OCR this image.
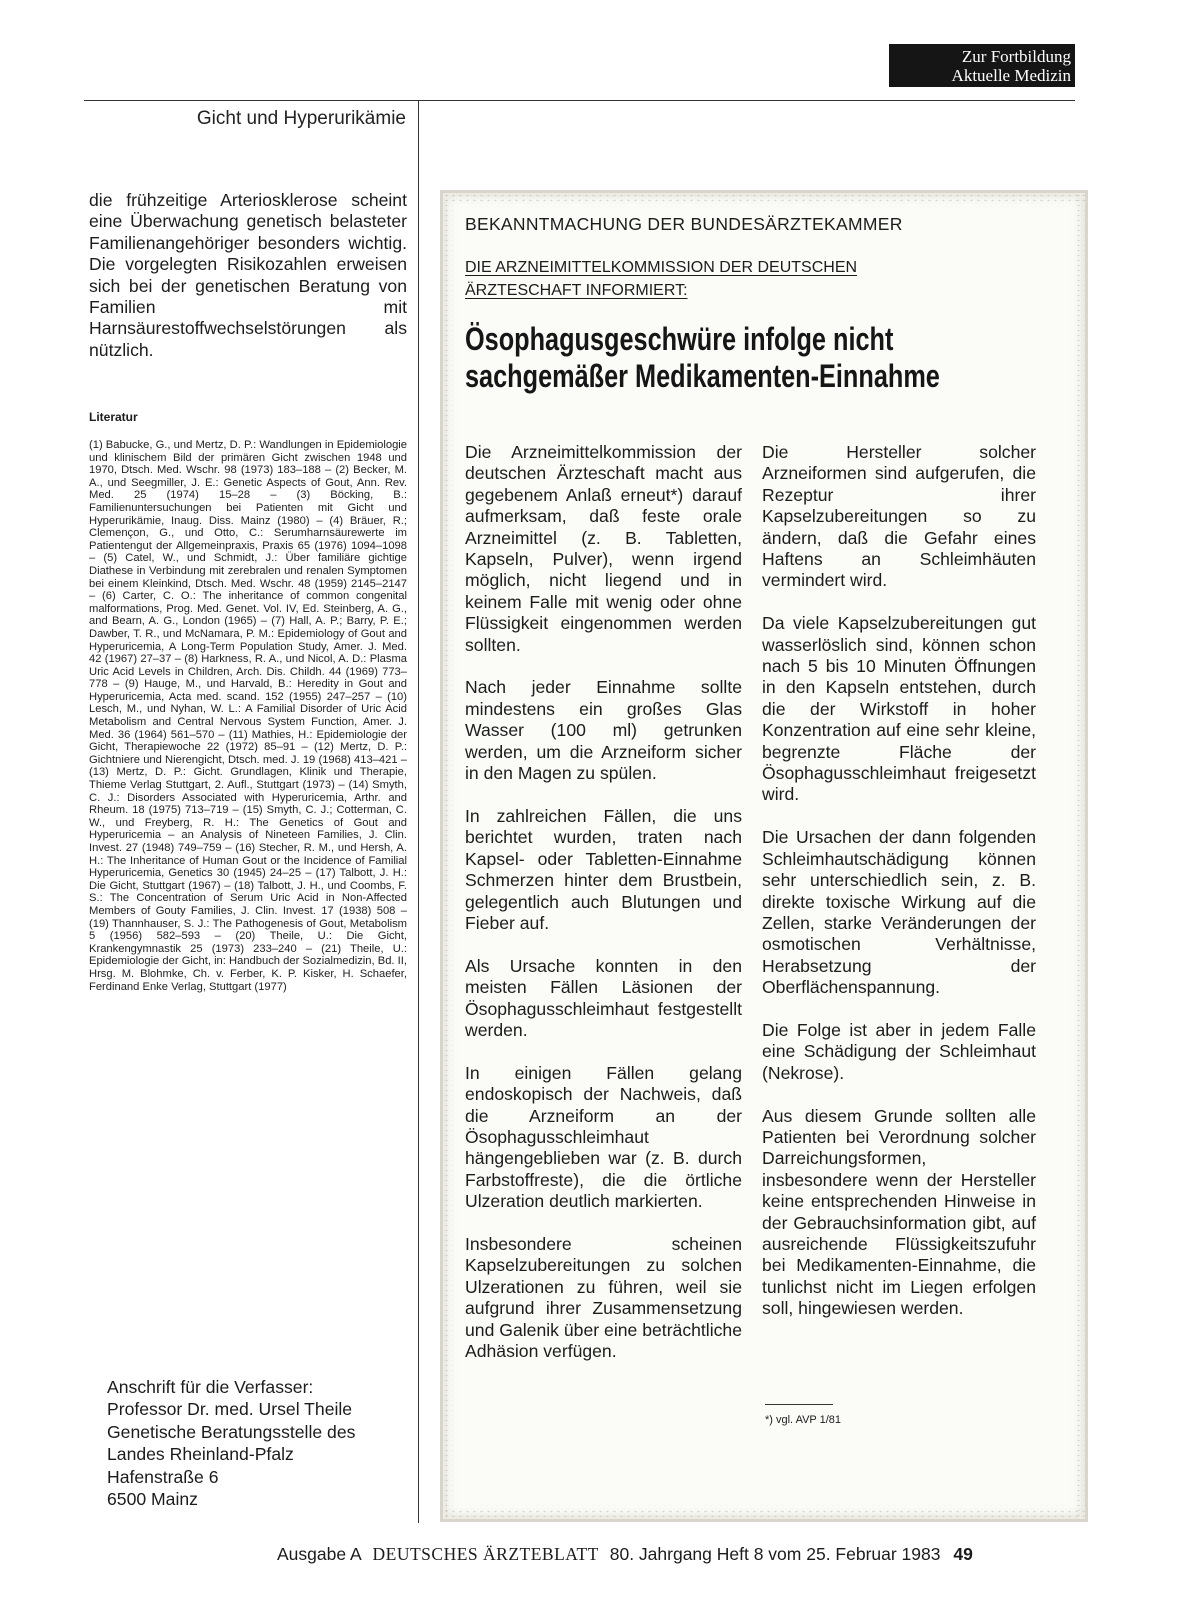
Zur Fortbildung
Aktuelle Medizin
Gicht und Hyperurikämie
die frühzeitige Arteriosklerose scheint eine Überwachung genetisch belasteter Familienangehöriger besonders wichtig. Die vorgelegten Risikozahlen erweisen sich bei der genetischen Beratung von Familien mit Harnsäurestoffwechselstörungen als nützlich.
Literatur
(1) Babucke, G., und Mertz, D. P.: Wandlungen in Epidemiologie und klinischem Bild der primären Gicht zwischen 1948 und 1970, Dtsch. Med. Wschr. 98 (1973) 183–188 – (2) Becker, M. A., und Seegmiller, J. E.: Genetic Aspects of Gout, Ann. Rev. Med. 25 (1974) 15–28 – (3) Böcking, B.: Familienuntersuchungen bei Patienten mit Gicht und Hyperurikämie, Inaug. Diss. Mainz (1980) – (4) Bräuer, R.; Clemençon, G., und Otto, C.: Serumharnsäurewerte im Patientengut der Allgemeinpraxis, Praxis 65 (1976) 1094–1098 – (5) Catel, W., und Schmidt, J.: Über familiäre gichtige Diathese in Verbindung mit zerebralen und renalen Symptomen bei einem Kleinkind, Dtsch. Med. Wschr. 48 (1959) 2145–2147 – (6) Carter, C. O.: The inheritance of common congenital malformations, Prog. Med. Genet. Vol. IV, Ed. Steinberg, A. G., and Bearn, A. G., London (1965) – (7) Hall, A. P.; Barry, P. E.; Dawber, T. R., und McNamara, P. M.: Epidemiology of Gout and Hyperuricemia, A Long-Term Population Study, Amer. J. Med. 42 (1967) 27–37 – (8) Harkness, R. A., und Nicol, A. D.: Plasma Uric Acid Levels in Children, Arch. Dis. Childh. 44 (1969) 773–778 – (9) Hauge, M., und Harvald, B.: Heredity in Gout and Hyperuricemia, Acta med. scand. 152 (1955) 247–257 – (10) Lesch, M., und Nyhan, W. L.: A Familial Disorder of Uric Acid Metabolism and Central Nervous System Function, Amer. J. Med. 36 (1964) 561–570 – (11) Mathies, H.: Epidemiologie der Gicht, Therapiewoche 22 (1972) 85–91 – (12) Mertz, D. P.: Gichtniere und Nierengicht, Dtsch. med. J. 19 (1968) 413–421 – (13) Mertz, D. P.: Gicht. Grundlagen, Klinik und Therapie, Thieme Verlag Stuttgart, 2. Aufl., Stuttgart (1973) – (14) Smyth, C. J.: Disorders Associated with Hyperuricemia, Arthr. and Rheum. 18 (1975) 713–719 – (15) Smyth, C. J.; Cotterman, C. W., und Freyberg, R. H.: The Genetics of Gout and Hyperuricemia – an Analysis of Nineteen Families, J. Clin. Invest. 27 (1948) 749–759 – (16) Stecher, R. M., und Hersh, A. H.: The Inheritance of Human Gout or the Incidence of Familial Hyperuricemia, Genetics 30 (1945) 24–25 – (17) Talbott, J. H.: Die Gicht, Stuttgart (1967) – (18) Talbott, J. H., und Coombs, F. S.: The Concentration of Serum Uric Acid in Non-Affected Members of Gouty Families, J. Clin. Invest. 17 (1938) 508 – (19) Thannhauser, S. J.: The Pathogenesis of Gout, Metabolism 5 (1956) 582–593 – (20) Theile, U.: Die Gicht, Krankengymnastik 25 (1973) 233–240 – (21) Theile, U.: Epidemiologie der Gicht, in: Handbuch der Sozialmedizin, Bd. II, Hrsg. M. Blohmke, Ch. v. Ferber, K. P. Kisker, H. Schaefer, Ferdinand Enke Verlag, Stuttgart (1977)
Anschrift für die Verfasser:
Professor Dr. med. Ursel Theile
Genetische Beratungsstelle des
Landes Rheinland-Pfalz
Hafenstraße 6
6500 Mainz
BEKANNTMACHUNG DER BUNDESÄRZTEKAMMER
DIE ARZNEIMITTELKOMMISSION DER DEUTSCHEN
ÄRZTESCHAFT INFORMIERT:
Ösophagusgeschwüre infolge nicht
sachgemäßer Medikamenten-Einnahme

Die Arzneimittelkommission der deutschen Ärzteschaft macht aus gegebenem Anlaß erneut*) darauf aufmerksam, daß feste orale Arzneimittel (z. B. Tabletten, Kapseln, Pulver), wenn irgend möglich, nicht liegend und in keinem Falle mit wenig oder ohne Flüssigkeit eingenommen werden sollten.

Nach jeder Einnahme sollte mindestens ein großes Glas Wasser (100 ml) getrunken werden, um die Arzneiform sicher in den Magen zu spülen.

In zahlreichen Fällen, die uns berichtet wurden, traten nach Kapsel- oder Tabletten-Einnahme Schmerzen hinter dem Brustbein, gelegentlich auch Blutungen und Fieber auf.

Als Ursache konnten in den meisten Fällen Läsionen der Ösophagusschleimhaut festgestellt werden.

In einigen Fällen gelang endoskopisch der Nachweis, daß die Arzneiform an der Ösophagusschleimhaut hängengeblieben war (z. B. durch Farbstoffreste), die die örtliche Ulzeration deutlich markierten.

Insbesondere scheinen Kapselzubereitungen zu solchen Ulzerationen zu führen, weil sie aufgrund ihrer Zusammensetzung und Galenik über eine beträchtliche Adhäsion verfügen.

Die Hersteller solcher Arzneiformen sind aufgerufen, die Rezeptur ihrer Kapselzubereitungen so zu ändern, daß die Gefahr eines Haftens an Schleimhäuten vermindert wird.

Da viele Kapselzubereitungen gut wasserlöslich sind, können schon nach 5 bis 10 Minuten Öffnungen in den Kapseln entstehen, durch die der Wirkstoff in hoher Konzentration auf eine sehr kleine, begrenzte Fläche der Ösophagusschleimhaut freigesetzt wird.

Die Ursachen der dann folgenden Schleimhautschädigung können sehr unterschiedlich sein, z. B. direkte toxische Wirkung auf die Zellen, starke Veränderungen der osmotischen Verhältnisse, Herabsetzung der Oberflächenspannung.

Die Folge ist aber in jedem Falle eine Schädigung der Schleimhaut (Nekrose).

Aus diesem Grunde sollten alle Patienten bei Verordnung solcher Darreichungsformen, insbesondere wenn der Hersteller keine entsprechenden Hinweise in der Gebrauchsinformation gibt, auf ausreichende Flüssigkeitszufuhr bei Medikamenten-Einnahme, die tunlichst nicht im Liegen erfolgen soll, hingewiesen werden.

*) vgl. AVP 1/81
Ausgabe A DEUTSCHES ÄRZTEBLATT 80. Jahrgang Heft 8 vom 25. Februar 1983 49
